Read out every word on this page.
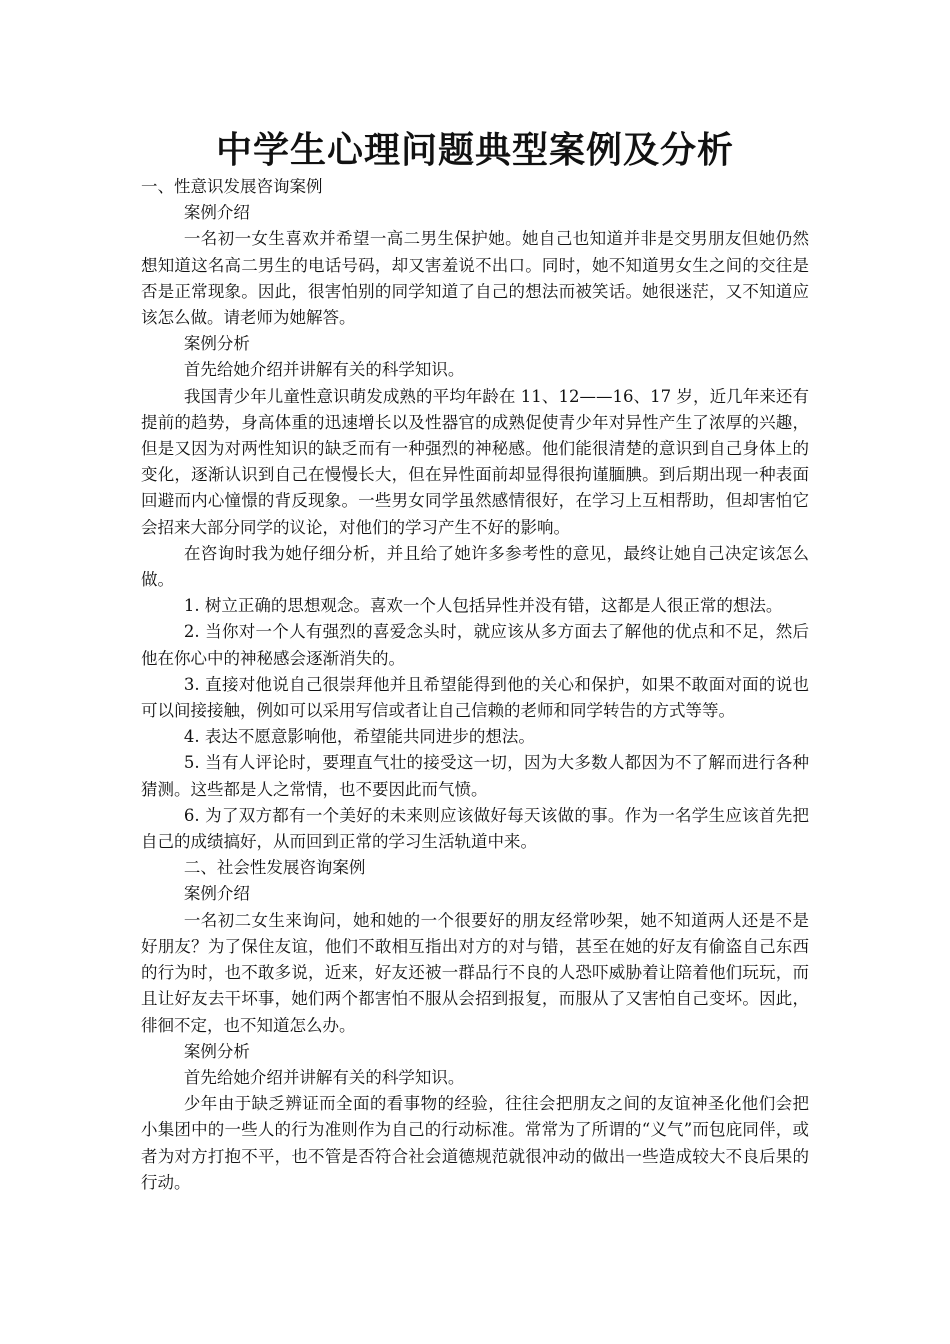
中学生心理问题典型案例及分析

一、性意识发展咨询案例

案例介绍

一名初一女生喜欢并希望一高二男生保护她。她自己也知道并非是交男朋友但她仍然想知道这名高二男生的电话号码，却又害羞说不出口。同时，她不知道男女生之间的交往是否是正常现象。因此，很害怕别的同学知道了自己的想法而被笑话。她很迷茫，又不知道应该怎么做。请老师为她解答。

案例分析

首先给她介绍并讲解有关的科学知识。

我国青少年儿童性意识萌发成熟的平均年龄在 11、12——16、17 岁，近几年来还有提前的趋势，身高体重的迅速增长以及性器官的成熟促使青少年对异性产生了浓厚的兴趣，但是又因为对两性知识的缺乏而有一种强烈的神秘感。他们能很清楚的意识到自己身体上的变化，逐渐认识到自己在慢慢长大，但在异性面前却显得很拘谨腼腆。到后期出现一种表面回避而内心憧憬的背反现象。一些男女同学虽然感情很好，在学习上互相帮助，但却害怕它会招来大部分同学的议论，对他们的学习产生不好的影响。

在咨询时我为她仔细分析，并且给了她许多参考性的意见，最终让她自己决定该怎么做。

1. 树立正确的思想观念。喜欢一个人包括异性并没有错，这都是人很正常的想法。

2. 当你对一个人有强烈的喜爱念头时，就应该从多方面去了解他的优点和不足，然后他在你心中的神秘感会逐渐消失的。

3. 直接对他说自己很崇拜他并且希望能得到他的关心和保护，如果不敢面对面的说也可以间接接触，例如可以采用写信或者让自己信赖的老师和同学转告的方式等等。

4. 表达不愿意影响他，希望能共同进步的想法。

5. 当有人评论时，要理直气壮的接受这一切，因为大多数人都因为不了解而进行各种猜测。这些都是人之常情，也不要因此而气愤。

6. 为了双方都有一个美好的未来则应该做好每天该做的事。作为一名学生应该首先把自己的成绩搞好，从而回到正常的学习生活轨道中来。

二、社会性发展咨询案例

案例介绍

一名初二女生来询问，她和她的一个很要好的朋友经常吵架，她不知道两人还是不是好朋友？为了保住友谊，他们不敢相互指出对方的对与错，甚至在她的好友有偷盗自己东西的行为时，也不敢多说，近来，好友还被一群品行不良的人恐吓威胁着让陪着他们玩玩，而且让好友去干坏事，她们两个都害怕不服从会招到报复，而服从了又害怕自己变坏。因此，徘徊不定，也不知道怎么办。

案例分析

首先给她介绍并讲解有关的科学知识。

少年由于缺乏辨证而全面的看事物的经验，往往会把朋友之间的友谊神圣化他们会把小集团中的一些人的行为准则作为自己的行动标准。常常为了所谓的“义气”而包庇同伴，或者为对方打抱不平，也不管是否符合社会道德规范就很冲动的做出一些造成较大不良后果的行动。
